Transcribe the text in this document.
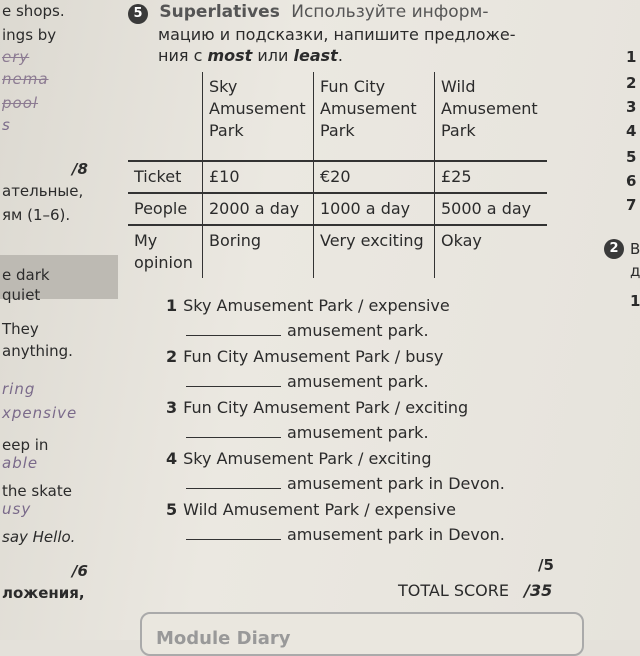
e shops.
ings by
ery
nema
pool
s
/8
ательные,
ям (1–6).
e dark
quiet
They
anything.
ring
xpensive
eep in
able
the skate
usy
say Hello.
/6
ложения,
5 Superlatives Используйте информ-
мацию и подсказки, напишите предложе-
ния с most или least.
	Sky Amusement Park	Fun City Amusement Park	Wild Amusement Park
Ticket	£10	€20	£25
People	2000 a day	1000 a day	5000 a day
My opinion	Boring	Very exciting	Okay
1 Sky Amusement Park / expensive
amusement park.
2 Fun City Amusement Park / busy
amusement park.
3 Fun City Amusement Park / exciting
amusement park.
4 Sky Amusement Park / exciting
amusement park in Devon.
5 Wild Amusement Park / expensive
amusement park in Devon.
/5
TOTAL SCORE /35
1
2
3
4
5
6
7
2 B
д
1
Module Diary
